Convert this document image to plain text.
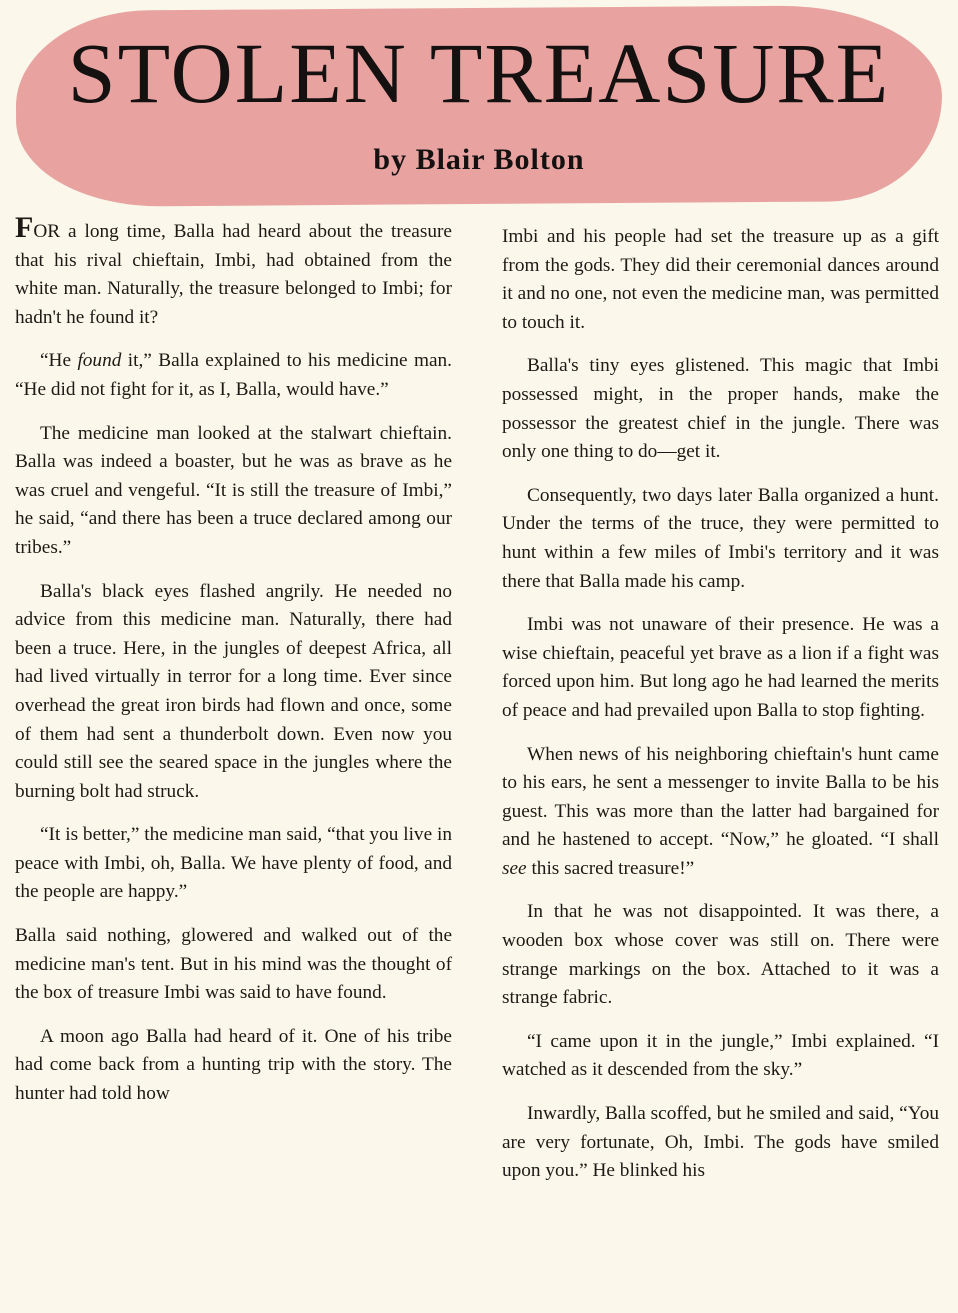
STOLEN TREASURE
by Blair Bolton

FOR a long time, Balla had heard about the treasure that his rival chieftain, Imbi, had obtained from the white man. Naturally, the treasure belonged to Imbi; for hadn't he found it?

“He found it,” Balla explained to his medicine man. “He did not fight for it, as I, Balla, would have.”

The medicine man looked at the stalwart chieftain. Balla was indeed a boaster, but he was as brave as he was cruel and vengeful. “It is still the treasure of Imbi,” he said, “and there has been a truce declared among our tribes.”

Balla's black eyes flashed angrily. He needed no advice from this medicine man. Naturally, there had been a truce. Here, in the jungles of deepest Africa, all had lived virtually in terror for a long time. Ever since overhead the great iron birds had flown and once, some of them had sent a thunderbolt down. Even now you could still see the seared space in the jungles where the burning bolt had struck.

“It is better,” the medicine man said, “that you live in peace with Imbi, oh, Balla. We have plenty of food, and the people are happy.”

Balla said nothing, glowered and walked out of the medicine man's tent. But in his mind was the thought of the box of treasure Imbi was said to have found.

A moon ago Balla had heard of it. One of his tribe had come back from a hunting trip with the story. The hunter had told how

Imbi and his people had set the treasure up as a gift from the gods. They did their ceremonial dances around it and no one, not even the medicine man, was permitted to touch it.

Balla's tiny eyes glistened. This magic that Imbi possessed might, in the proper hands, make the possessor the greatest chief in the jungle. There was only one thing to do—get it.

Consequently, two days later Balla organized a hunt. Under the terms of the truce, they were permitted to hunt within a few miles of Imbi's territory and it was there that Balla made his camp.

Imbi was not unaware of their presence. He was a wise chieftain, peaceful yet brave as a lion if a fight was forced upon him. But long ago he had learned the merits of peace and had prevailed upon Balla to stop fighting.

When news of his neighboring chieftain's hunt came to his ears, he sent a messenger to invite Balla to be his guest. This was more than the latter had bargained for and he hastened to accept. “Now,” he gloated. “I shall see this sacred treasure!”

In that he was not disappointed. It was there, a wooden box whose cover was still on. There were strange markings on the box. Attached to it was a strange fabric.

“I came upon it in the jungle,” Imbi explained. “I watched as it descended from the sky.”

Inwardly, Balla scoffed, but he smiled and said, “You are very fortunate, Oh, Imbi. The gods have smiled upon you.” He blinked his
